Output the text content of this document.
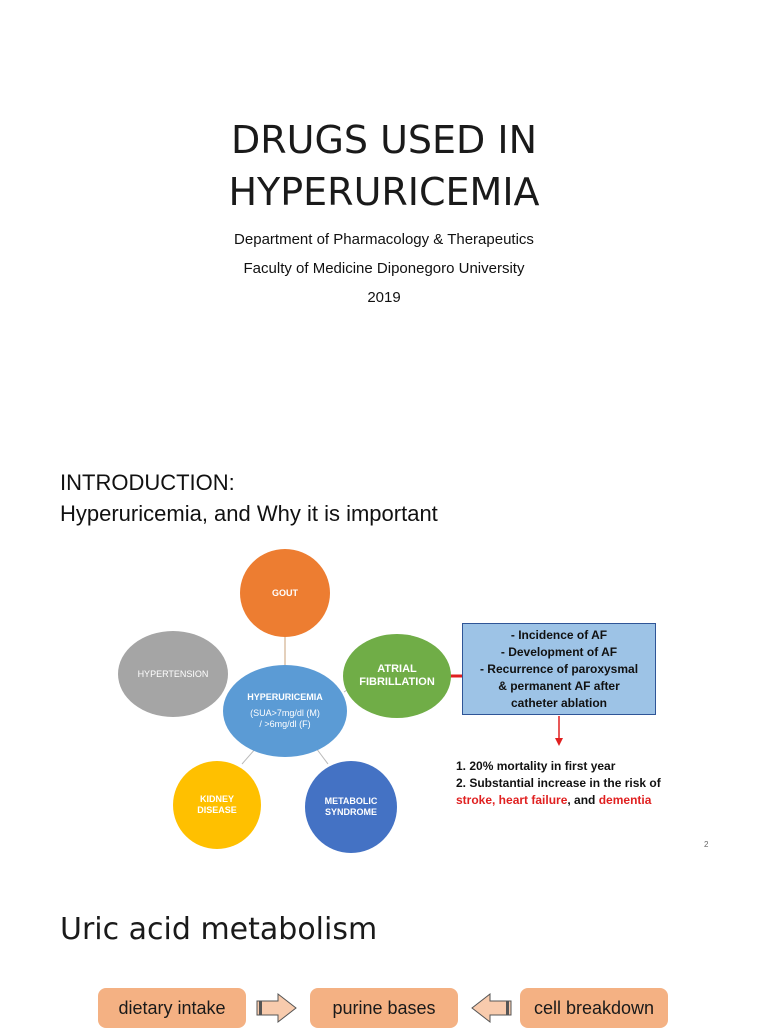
DRUGS USED IN
HYPERURICEMIA
Department of Pharmacology & Therapeutics
Faculty of Medicine Diponegoro University
2019
INTRODUCTION:
Hyperuricemia, and Why it is important
GOUT
HYPERTENSION
HYPERURICEMIA
(SUA>7mg/dl (M)
/ >6mg/dl (F)
ATRIAL
FIBRILLATION
KIDNEY
DISEASE
METABOLIC
SYNDROME
- Incidence of AF
- Development of AF
- Recurrence of paroxysmal
& permanent AF after
catheter ablation
1. 20% mortality in first year
2. Substantial increase in the risk of
stroke, heart failure, and dementia
2
Uric acid metabolism
dietary intake	purine bases	cell breakdown
